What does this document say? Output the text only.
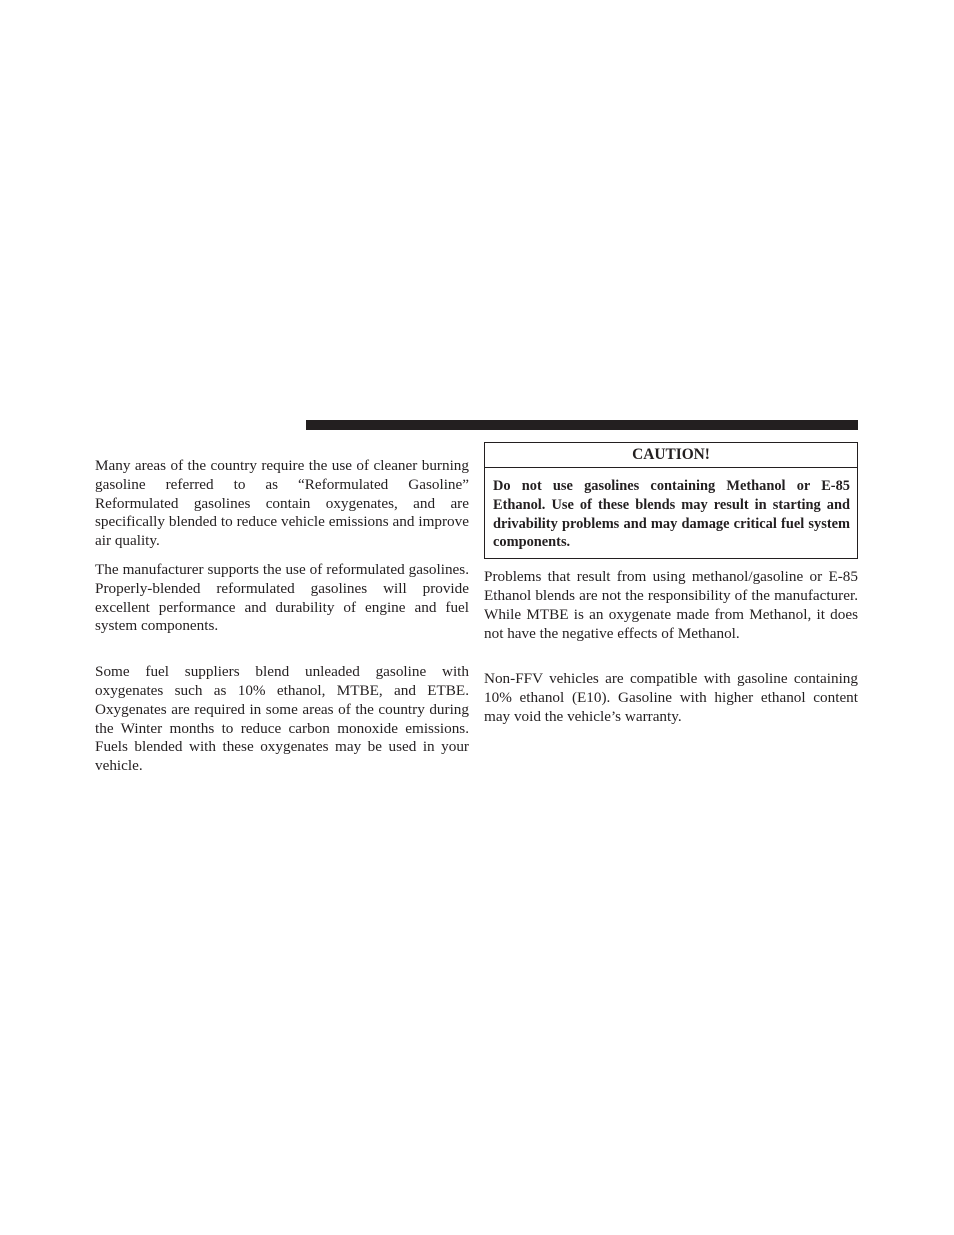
Many areas of the country require the use of cleaner burning gasoline referred to as “Reformulated Gasoline” Reformulated gasolines contain oxygenates, and are specifically blended to reduce vehicle emissions and improve air quality.

The manufacturer supports the use of reformulated gasolines. Properly-blended reformulated gasolines will provide excellent performance and durability of engine and fuel system components.

Some fuel suppliers blend unleaded gasoline with oxygenates such as 10% ethanol, MTBE, and ETBE. Oxygenates are required in some areas of the country during the Winter months to reduce carbon monoxide emissions. Fuels blended with these oxygenates may be used in your vehicle.

CAUTION!
Do not use gasolines containing Methanol or E-85 Ethanol. Use of these blends may result in starting and drivability problems and may damage critical fuel system components.

Problems that result from using methanol/gasoline or E-85 Ethanol blends are not the responsibility of the manufacturer. While MTBE is an oxygenate made from Methanol, it does not have the negative effects of Methanol.

Non-FFV vehicles are compatible with gasoline containing 10% ethanol (E10). Gasoline with higher ethanol content may void the vehicle’s warranty.
